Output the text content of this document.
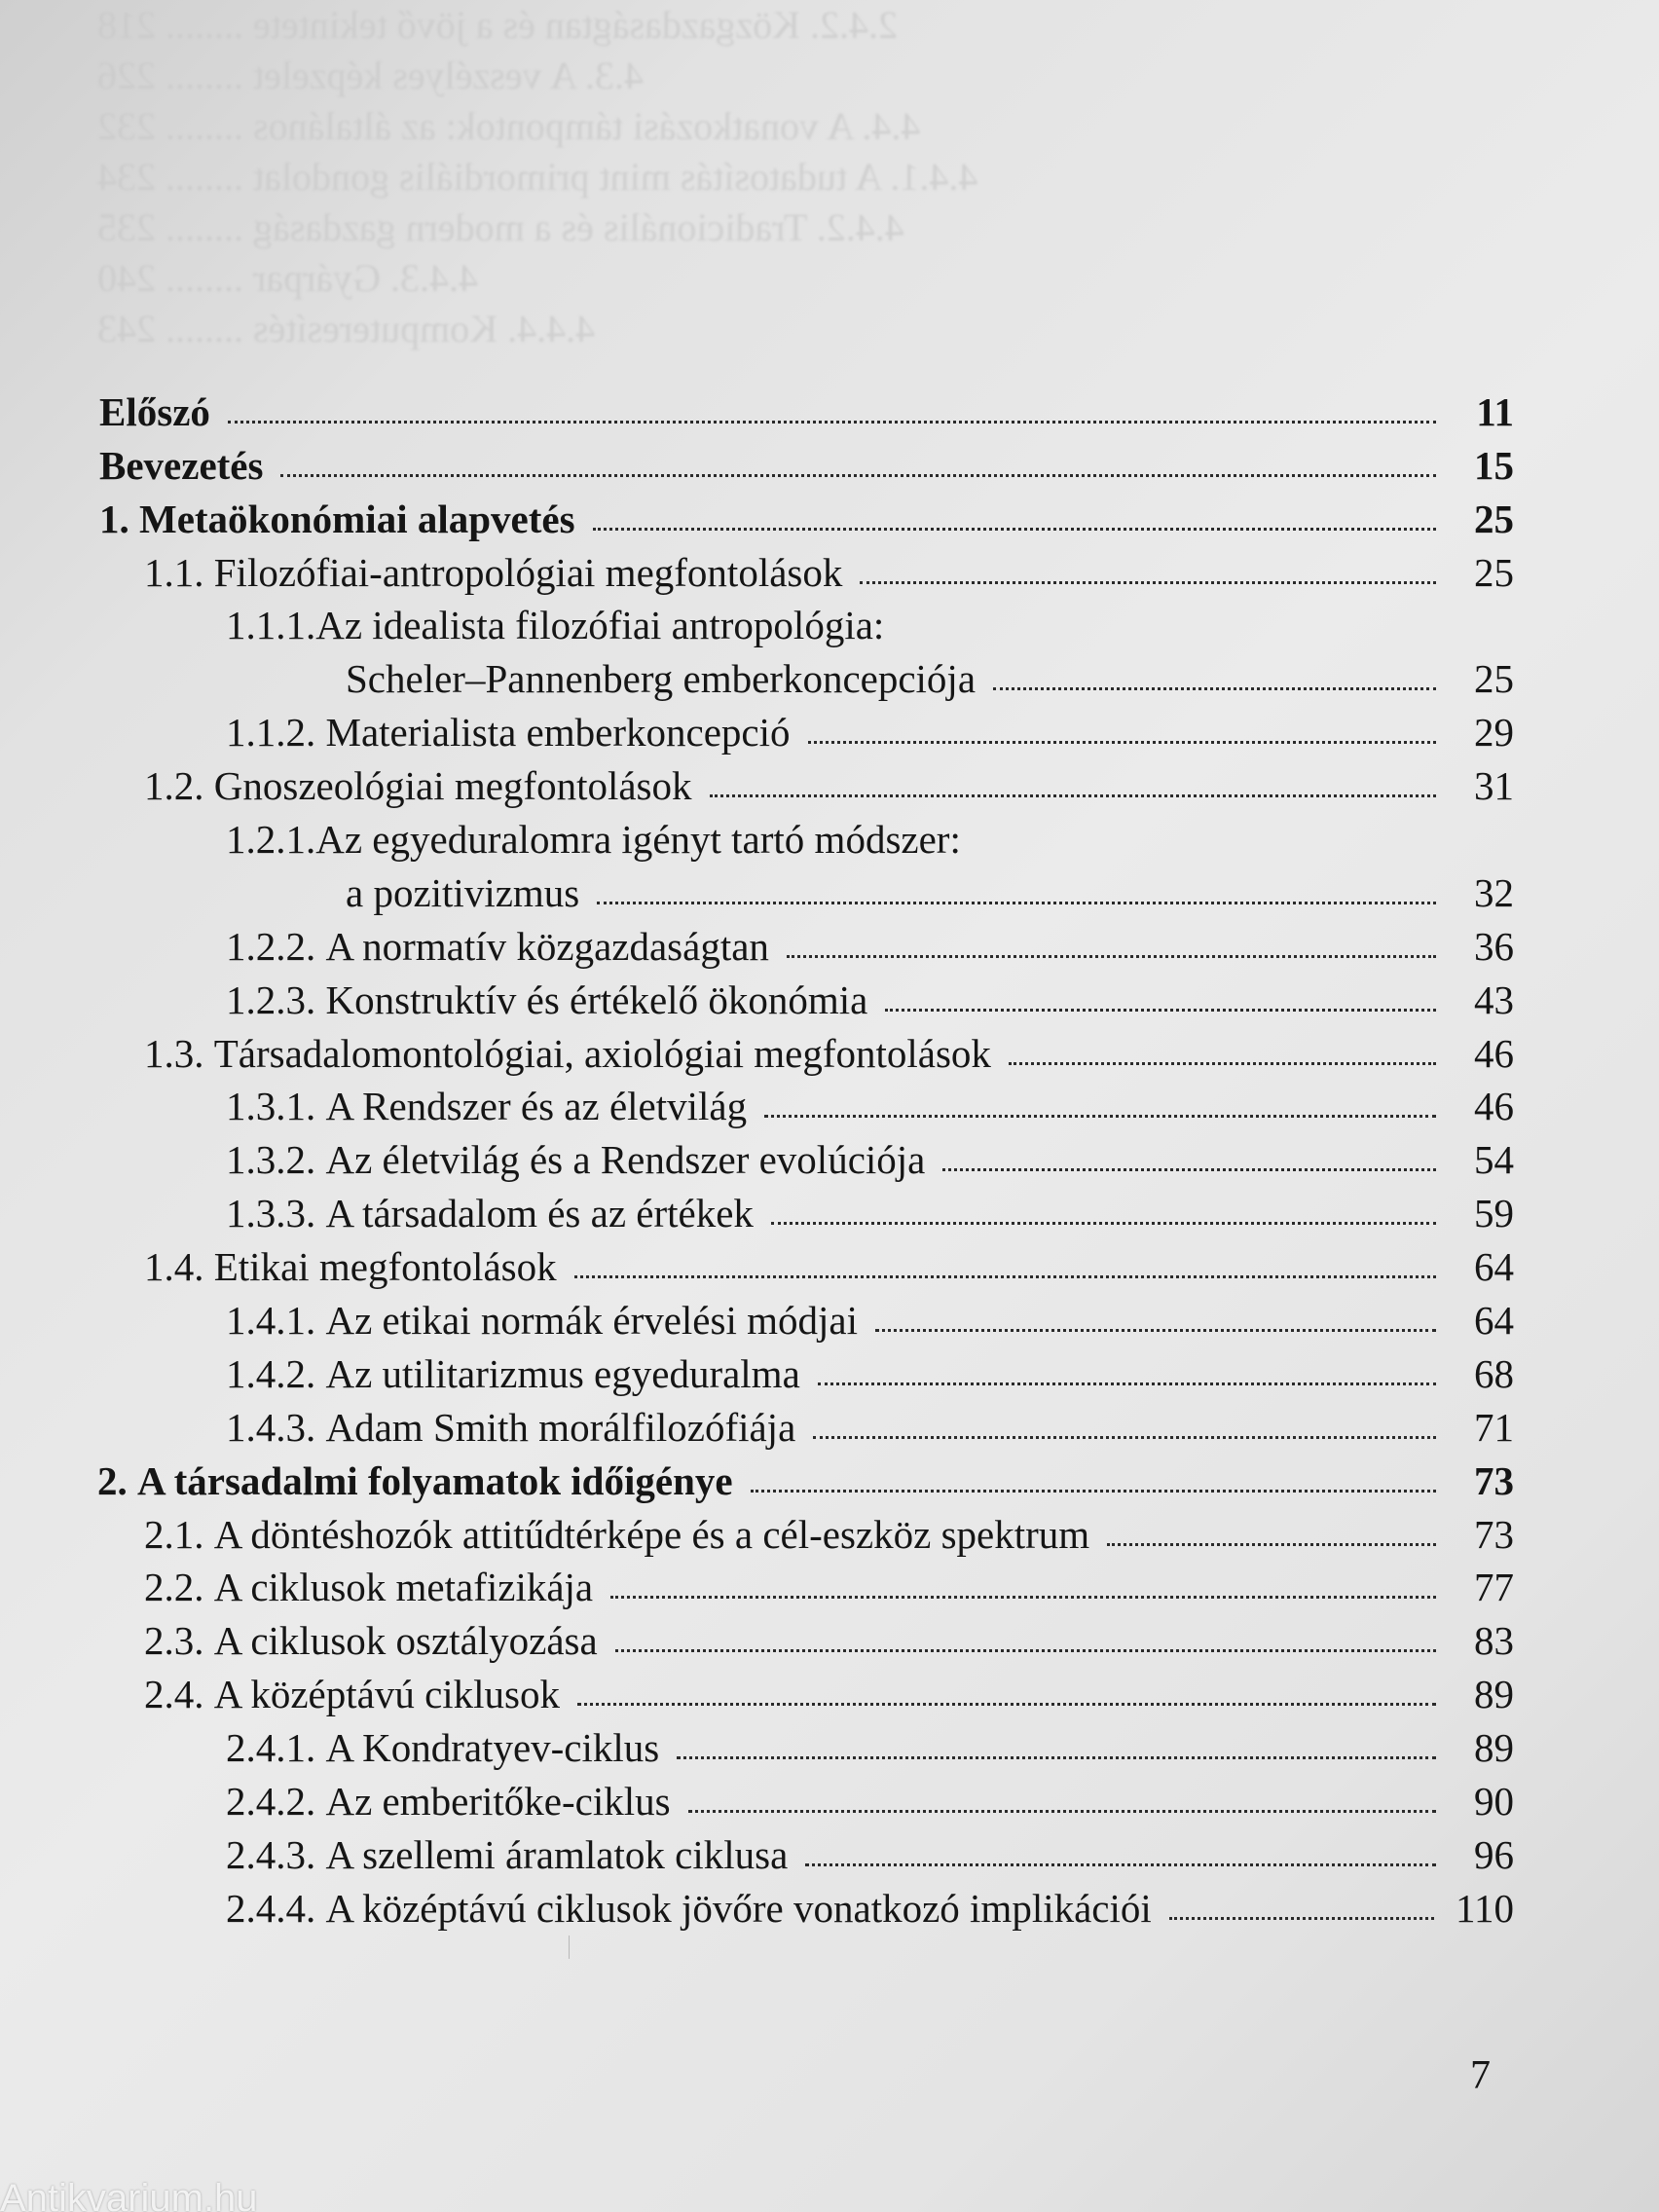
2.4.2. Közgazdaságtan és a jövő tekintete ........ 218
4.3. A veszélyes képzelet ........ 226
4.4. A vonatkozási támpontok: az általános ........ 232
4.4.1. A tudatosítás mint primordiális gondolat ........ 234
4.4.2. Tradicionális és a modern gazdaság ........ 235
4.4.3. Gyárpar ........ 240
4.4.4. Komputeresítés ........ 243
Előszó	11
Bevezetés	15
1. Metaökonómiai alapvetés	25
1.1. Filozófiai-antropológiai megfontolások	25
1.1.1. Az idealista filozófiai antropológia:
Scheler–Pannenberg emberkoncepciója	25
1.1.2. Materialista emberkoncepció	29
1.2. Gnoszeológiai megfontolások	31
1.2.1. Az egyeduralomra igényt tartó módszer:
a pozitivizmus	32
1.2.2. A normatív közgazdaságtan	36
1.2.3. Konstruktív és értékelő ökonómia	43
1.3. Társadalomontológiai, axiológiai megfontolások	46
1.3.1. A Rendszer és az életvilág	46
1.3.2. Az életvilág és a Rendszer evolúciója	54
1.3.3. A társadalom és az értékek	59
1.4. Etikai megfontolások	64
1.4.1. Az etikai normák érvelési módjai	64
1.4.2. Az utilitarizmus egyeduralma	68
1.4.3. Adam Smith morálfilozófiája	71
2. A társadalmi folyamatok időigénye	73
2.1. A döntéshozók attitűdtérképe és a cél-eszköz spektrum	73
2.2. A ciklusok metafizikája	77
2.3. A ciklusok osztályozása	83
2.4. A középtávú ciklusok	89
2.4.1. A Kondratyev-ciklus	89
2.4.2. Az emberitőke-ciklus	90
2.4.3. A szellemi áramlatok ciklusa	96
2.4.4. A középtávú ciklusok jövőre vonatkozó implikációi	110
7
Antikvarium.hu
